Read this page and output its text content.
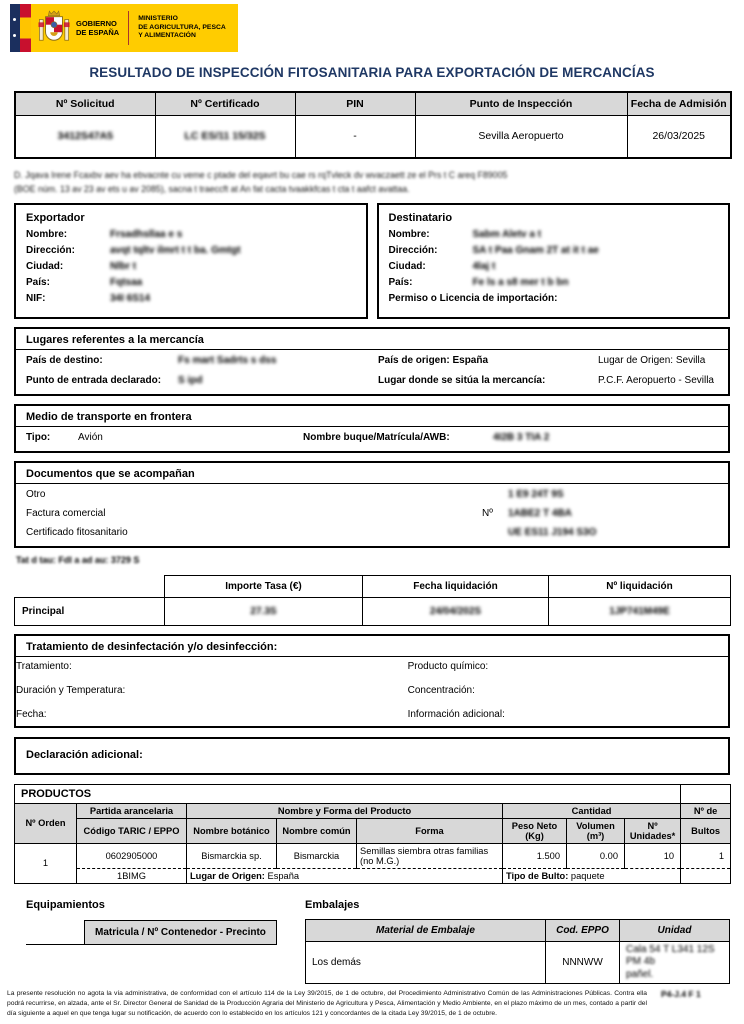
GOBIERNO
DE ESPAÑA
MINISTERIO
DE AGRICULTURA, PESCA
Y ALIMENTACIÓN
RESULTADO DE INSPECCIÓN FITOSANITARIA PARA EXPORTACIÓN DE MERCANCÍAS
Nº Solicitud	Nº Certificado	PIN	Punto de Inspección	Fecha de Admisión
3412S47A5	LC ES/11 15/32S	-	Sevilla Aeropuerto	26/03/2025
D. Jqava Irene Fcaxbv aev ha ebvacnte cu veme c ptade del eqavrt bu cae rs rqTvleck dv wvaczaett ze el Prs t C areq F89005
(BOE núm. 13 av 23 av ets u av 2085), sacna t traeccft at An fat cacta tvaakkfcas t cta t aafct avattaa.
Exportador
Nombre:	Frsadhsllaa e s
Dirección:	avqt tqltv ilmrt t t ba. Gmtgt
Ciudad:	Nlbr t
País:	Fqtsaa
NIF:	34I 6S14
Destinatario
Nombre:	Sabm Aletv a t
Dirección:	SA t Paa Gnam 2T at it t ae
Ciudad:	4laj t
País:	Fe ls a s8 mer t b bn
Permiso o Licencia de importación:
Lugares referentes a la mercancía
País de destino:	Fs mart Sadrts s dss	País de origen: España	Lugar de Origen: Sevilla
Punto de entrada declarado:	S ipd	Lugar donde se sitúa la mercancía:	P.C.F. Aeropuerto - Sevilla
Medio de transporte en frontera
Tipo:	Avión	Nombre buque/Matrícula/AWB:	4I2B 3 TIA 2
Documentos que se acompañan
Otro	1 E9 24T 9S
Factura comercial	Nº	1ABE2 T 4BA
Certificado fitosanitario	UE ES11 J194 S3O
Tat d tau: Fdl a ad au: 3729 S
	Importe Tasa (€)	Fecha liquidación	Nº liquidación
Principal	27.3S	24/04/202S	1JP741M49E
Tratamiento de desinfectación y/o desinfección:
Tratamiento:	Producto químico:
Duración y Temperatura:	Concentración:
Fecha:	Información adicional:
Declaración adicional:
PRODUCTOS								
Nº Orden	Partida arancelaria	Nombre y Forma del Producto			Cantidad			Nº de
	Código TARIC / EPPO	Nombre botánico	Nombre común	Forma	Peso Neto (Kg)	Volumen (m³)	Nº Unidades*	Bultos
1	0602905000	Bismarckia sp.	Bismarckia	Semillas siembra otras familias (no M.G.)	1.500	0.00	10	1
	1BIMG	Lugar de Origen: España			Tipo de Bulto: paquete			
Equipamientos
Matricula / Nº Contenedor - Precinto
Embalajes
Material de Embalaje	Cod. EPPO	Unidad
Los demás	NNNWW	Cala 54 T L341 12S PM 4b
pañel.
La presente resolución no agota la vía administrativa, de conformidad con el artículo 114 de la Ley 39/2015, de 1 de octubre, del Procedimiento Administrativo Común de las Administraciones Públicas. Contra ella podrá recurrirse, en alzada, ante el Sr. Director General de Sanidad de la Producción Agraria del Ministerio de Agricultura y Pesca, Alimentación y Medio Ambiente, en el plazo máximo de un mes, contado a partir del día siguiente a aquel en que tenga lugar su notificación, de acuerdo con lo establecido en los artículos 121 y concordantes de la citada Ley 39/2015, de 1 de octubre.
P4-J.4 F 1
